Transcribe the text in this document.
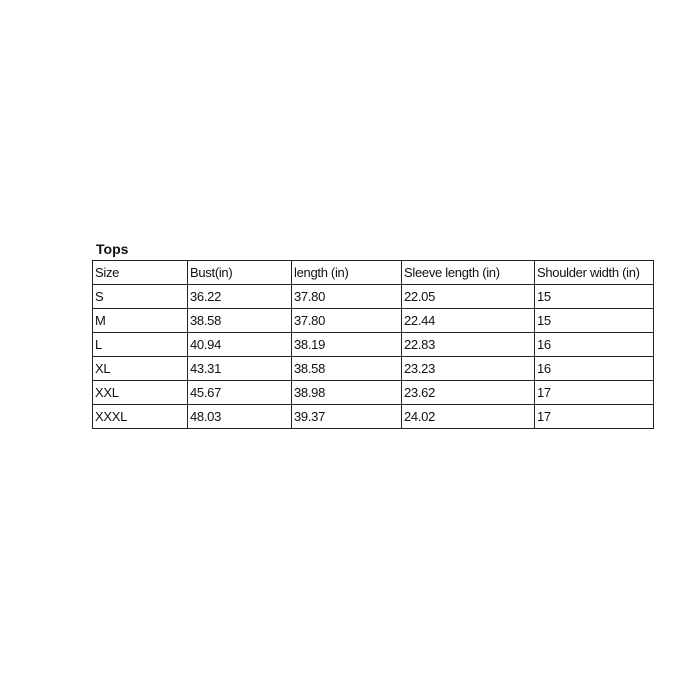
Tops
Size	Bust(in)	length (in)	Sleeve length (in)	Shoulder width (in)
S	36.22	37.80	22.05	15
M	38.58	37.80	22.44	15
L	40.94	38.19	22.83	16
XL	43.31	38.58	23.23	16
XXL	45.67	38.98	23.62	17
XXXL	48.03	39.37	24.02	17
